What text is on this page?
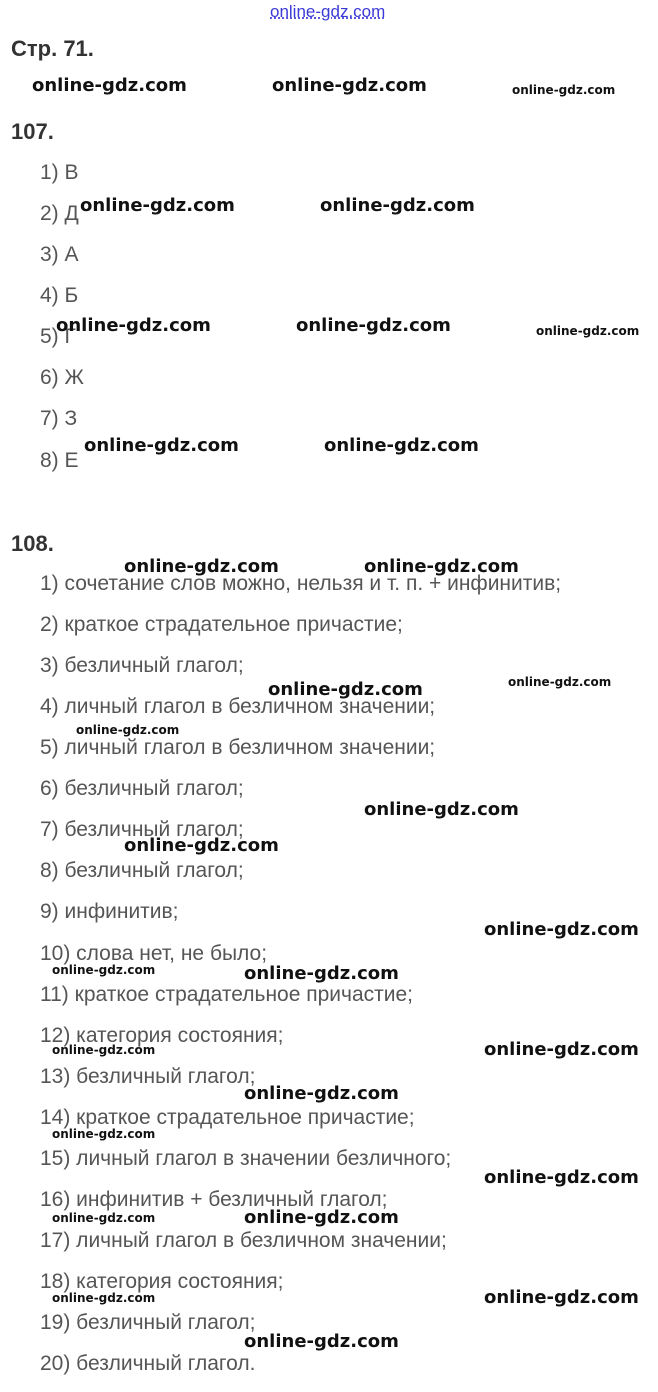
online-gdz.com
Стр. 71.
107.
1) В
2) Д
3) А
4) Б
5) Г
6) Ж
7) З
8) Е
108.
1) сочетание слов можно, нельзя и т. п. + инфинитив;
2) краткое страдательное причастие;
3) безличный глагол;
4) личный глагол в безличном значении;
5) личный глагол в безличном значении;
6) безличный глагол;
7) безличный глагол;
8) безличный глагол;
9) инфинитив;
10) слова нет, не было;
11) краткое страдательное причастие;
12) категория состояния;
13) безличный глагол;
14) краткое страдательное причастие;
15) личный глагол в значении безличного;
16) инфинитив + безличный глагол;
17) личный глагол в безличном значении;
18) категория состояния;
19) безличный глагол;
20) безличный глагол.
online-gdz.com	online-gdz.com
online-gdz.com	online-gdz.com
online-gdz.com	online-gdz.com
online-gdz.com	online-gdz.com
online-gdz.com	online-gdz.com
online-gdz.com
online-gdz.com
online-gdz.com
online-gdz.com
online-gdz.com
online-gdz.com
online-gdz.com
online-gdz.com
online-gdz.com
online-gdz.com
online-gdz.com
online-gdz.com
online-gdz.com
online-gdz.com
online-gdz.com
online-gdz.com
online-gdz.com
online-gdz.com
online-gdz.com
online-gdz.com
